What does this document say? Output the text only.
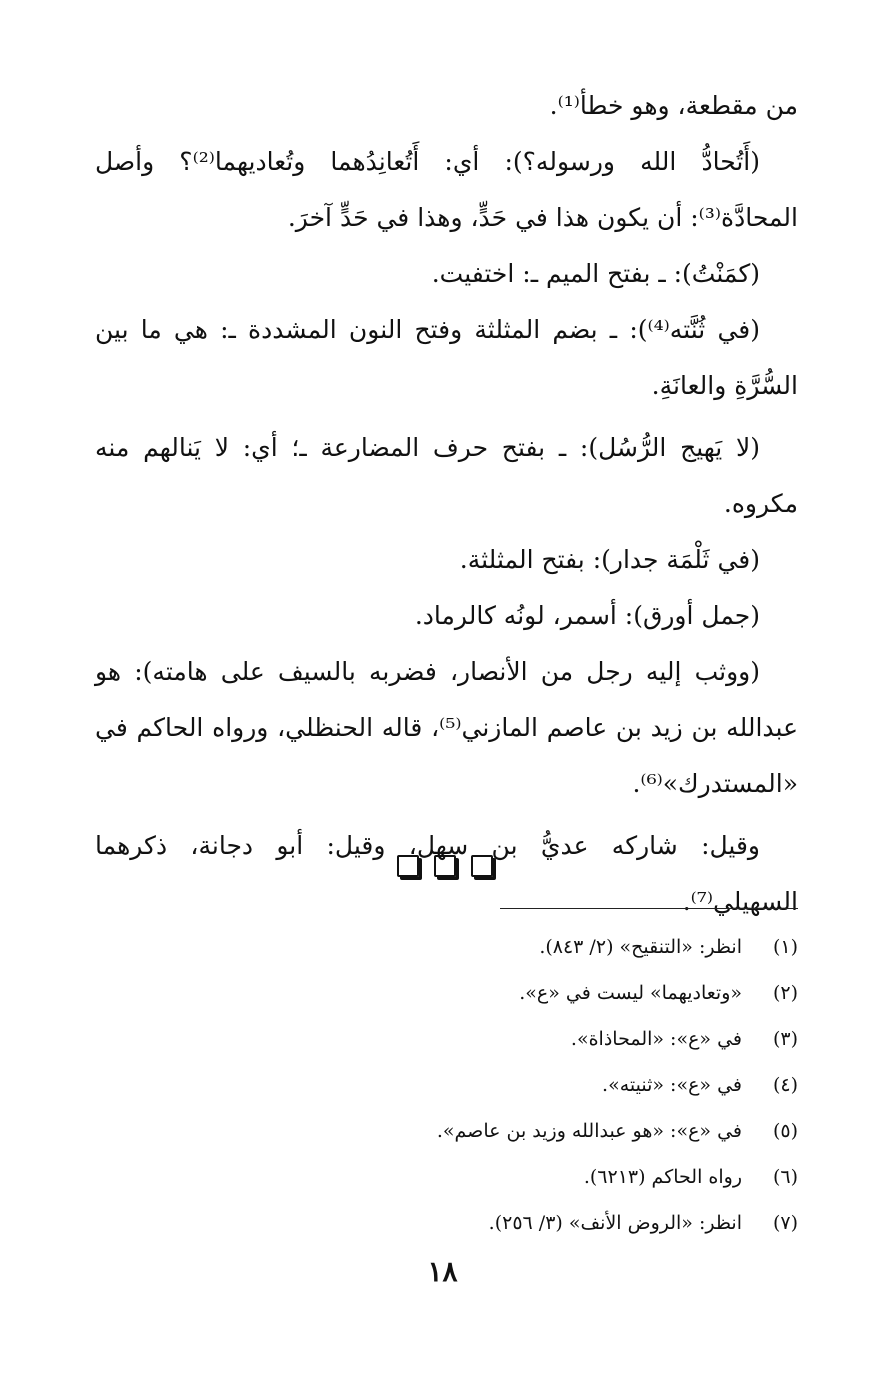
من مقطعة، وهو خطأ⁽¹⁾.

(أَتُحادُّ الله ورسوله؟): أي: أَتُعانِدُهما وتُعاديهما⁽²⁾؟ وأصل المحادَّة⁽³⁾: أن يكون هذا في حَدٍّ، وهذا في حَدٍّ آخرَ.

(كمَنْتُ): ـ بفتح الميم ـ: اختفيت.

(في ثُنَّته⁽⁴⁾): ـ بضم المثلثة وفتح النون المشددة ـ: هي ما بين السُّرَّةِ والعانَةِ.

(لا يَهيج الرُّسُل): ـ بفتح حرف المضارعة ـ؛ أي: لا يَنالهم منه مكروه.

(في ثَلْمَة جدار): بفتح المثلثة.

(جمل أورق): أسمر، لونُه كالرماد.

(ووثب إليه رجل من الأنصار، فضربه بالسيف على هامته): هو عبدالله بن زيد بن عاصم المازني⁽⁵⁾، قاله الحنظلي، ورواه الحاكم في «المستدرك»⁽⁶⁾.

وقيل: شاركه عديُّ بن سهل، وقيل: أبو دجانة، ذكرهما السهيلي⁽⁷⁾.

(١)
انظر: «التنقيح» (٢/ ٨٤٣).

(٢)
«وتعاديهما» ليست في «ع».

(٣)
في «ع»: «المحاذاة».

(٤)
في «ع»: «ثنيته».

(٥)
في «ع»: «هو عبدالله وزيد بن عاصم».

(٦)
رواه الحاكم (٦٢١٣).

(٧)
انظر: «الروض الأنف» (٣/ ٢٥٦).

١٨
